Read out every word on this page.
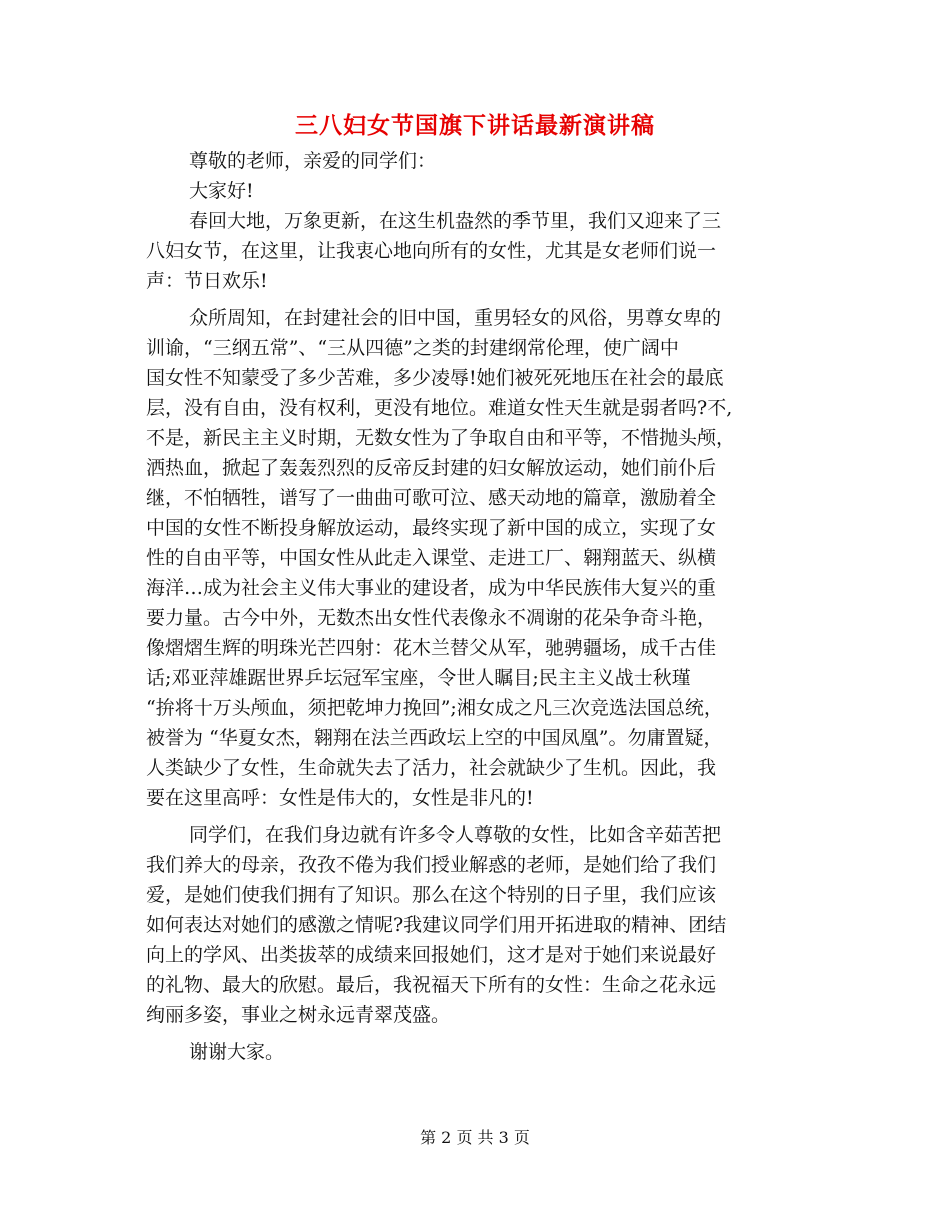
三八妇女节国旗下讲话最新演讲稿
尊敬的老师，亲爱的同学们：
大家好!
春回大地，万象更新，在这生机盎然的季节里，我们又迎来了三
八妇女节，在这里，让我衷心地向所有的女性，尤其是女老师们说一
声：节日欢乐!
众所周知，在封建社会的旧中国，重男轻女的风俗，男尊女卑的
训谕，“三纲五常”、“三从四德”之类的封建纲常伦理，使广阔中
国女性不知蒙受了多少苦难，多少凌辱!她们被死死地压在社会的最底
层，没有自由，没有权利，更没有地位。难道女性天生就是弱者吗?不,
不是，新民主主义时期，无数女性为了争取自由和平等，不惜抛头颅，
洒热血，掀起了轰轰烈烈的反帝反封建的妇女解放运动，她们前仆后
继，不怕牺牲，谱写了一曲曲可歌可泣、感天动地的篇章，激励着全
中国的女性不断投身解放运动，最终实现了新中国的成立，实现了女
性的自由平等，中国女性从此走入课堂、走进工厂、翱翔蓝天、纵横
海洋…成为社会主义伟大事业的建设者，成为中华民族伟大复兴的重
要力量。古今中外，无数杰出女性代表像永不凋谢的花朵争奇斗艳，
像熠熠生辉的明珠光芒四射：花木兰替父从军，驰骋疆场，成千古佳
话;邓亚萍雄踞世界乒坛冠军宝座，令世人瞩目;民主主义战士秋瑾
“拚将十万头颅血，须把乾坤力挽回”;湘女成之凡三次竞选法国总统，
被誉为 “华夏女杰，翱翔在法兰西政坛上空的中国凤凰”。勿庸置疑，
人类缺少了女性，生命就失去了活力，社会就缺少了生机。因此，我
要在这里高呼：女性是伟大的，女性是非凡的!
同学们，在我们身边就有许多令人尊敬的女性，比如含辛茹苦把
我们养大的母亲，孜孜不倦为我们授业解惑的老师，是她们给了我们
爱，是她们使我们拥有了知识。那么在这个特别的日子里，我们应该
如何表达对她们的感激之情呢?我建议同学们用开拓进取的精神、团结
向上的学风、出类拔萃的成绩来回报她们，这才是对于她们来说最好
的礼物、最大的欣慰。最后，我祝福天下所有的女性：生命之花永远
绚丽多姿，事业之树永远青翠茂盛。
谢谢大家。
第 2 页 共 3 页
